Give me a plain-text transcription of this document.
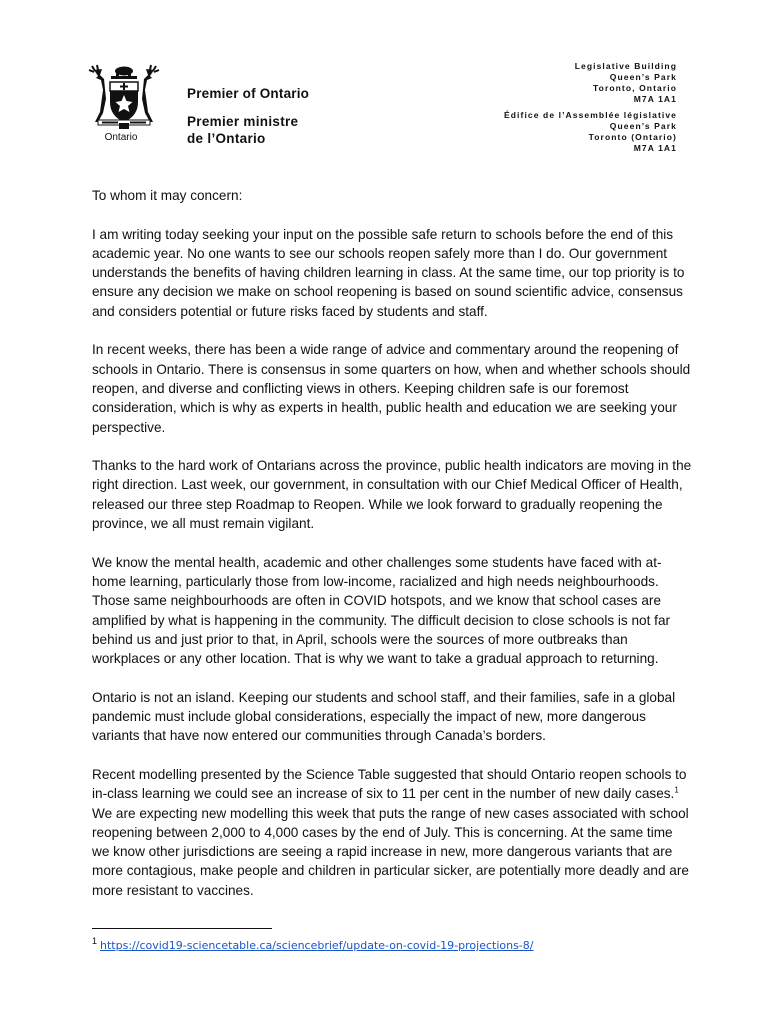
Ontario
Premier of Ontario
Premier ministre
de l’Ontario
Legislative Building
Queen’s Park
Toronto, Ontario
M7A 1A1
Édifice de l’Assemblée législative
Queen’s Park
Toronto (Ontario)
M7A 1A1

To whom it may concern:

I am writing today seeking your input on the possible safe return to schools before the end of this academic year. No one wants to see our schools reopen safely more than I do. Our government understands the benefits of having children learning in class. At the same time, our top priority is to ensure any decision we make on school reopening is based on sound scientific advice, consensus and considers potential or future risks faced by students and staff.

In recent weeks, there has been a wide range of advice and commentary around the reopening of schools in Ontario. There is consensus in some quarters on how, when and whether schools should reopen, and diverse and conflicting views in others. Keeping children safe is our foremost consideration, which is why as experts in health, public health and education we are seeking your perspective.

Thanks to the hard work of Ontarians across the province, public health indicators are moving in the right direction. Last week, our government, in consultation with our Chief Medical Officer of Health, released our three step Roadmap to Reopen. While we look forward to gradually reopening the province, we all must remain vigilant.

We know the mental health, academic and other challenges some students have faced with at-home learning, particularly those from low-income, racialized and high needs neighbourhoods. Those same neighbourhoods are often in COVID hotspots, and we know that school cases are amplified by what is happening in the community. The difficult decision to close schools is not far behind us and just prior to that, in April, schools were the sources of more outbreaks than workplaces or any other location. That is why we want to take a gradual approach to returning.

Ontario is not an island. Keeping our students and school staff, and their families, safe in a global pandemic must include global considerations, especially the impact of new, more dangerous variants that have now entered our communities through Canada’s borders.

Recent modelling presented by the Science Table suggested that should Ontario reopen schools to in-class learning we could see an increase of six to 11 per cent in the number of new daily cases.$^1$ We are expecting new modelling this week that puts the range of new cases associated with school reopening between 2,000 to 4,000 cases by the end of July. This is concerning. At the same time we know other jurisdictions are seeing a rapid increase in new, more dangerous variants that are more contagious, make people and children in particular sicker, are potentially more deadly and are more resistant to vaccines.

$^1$ https://covid19-sciencetable.ca/sciencebrief/update-on-covid-19-projections-8/
